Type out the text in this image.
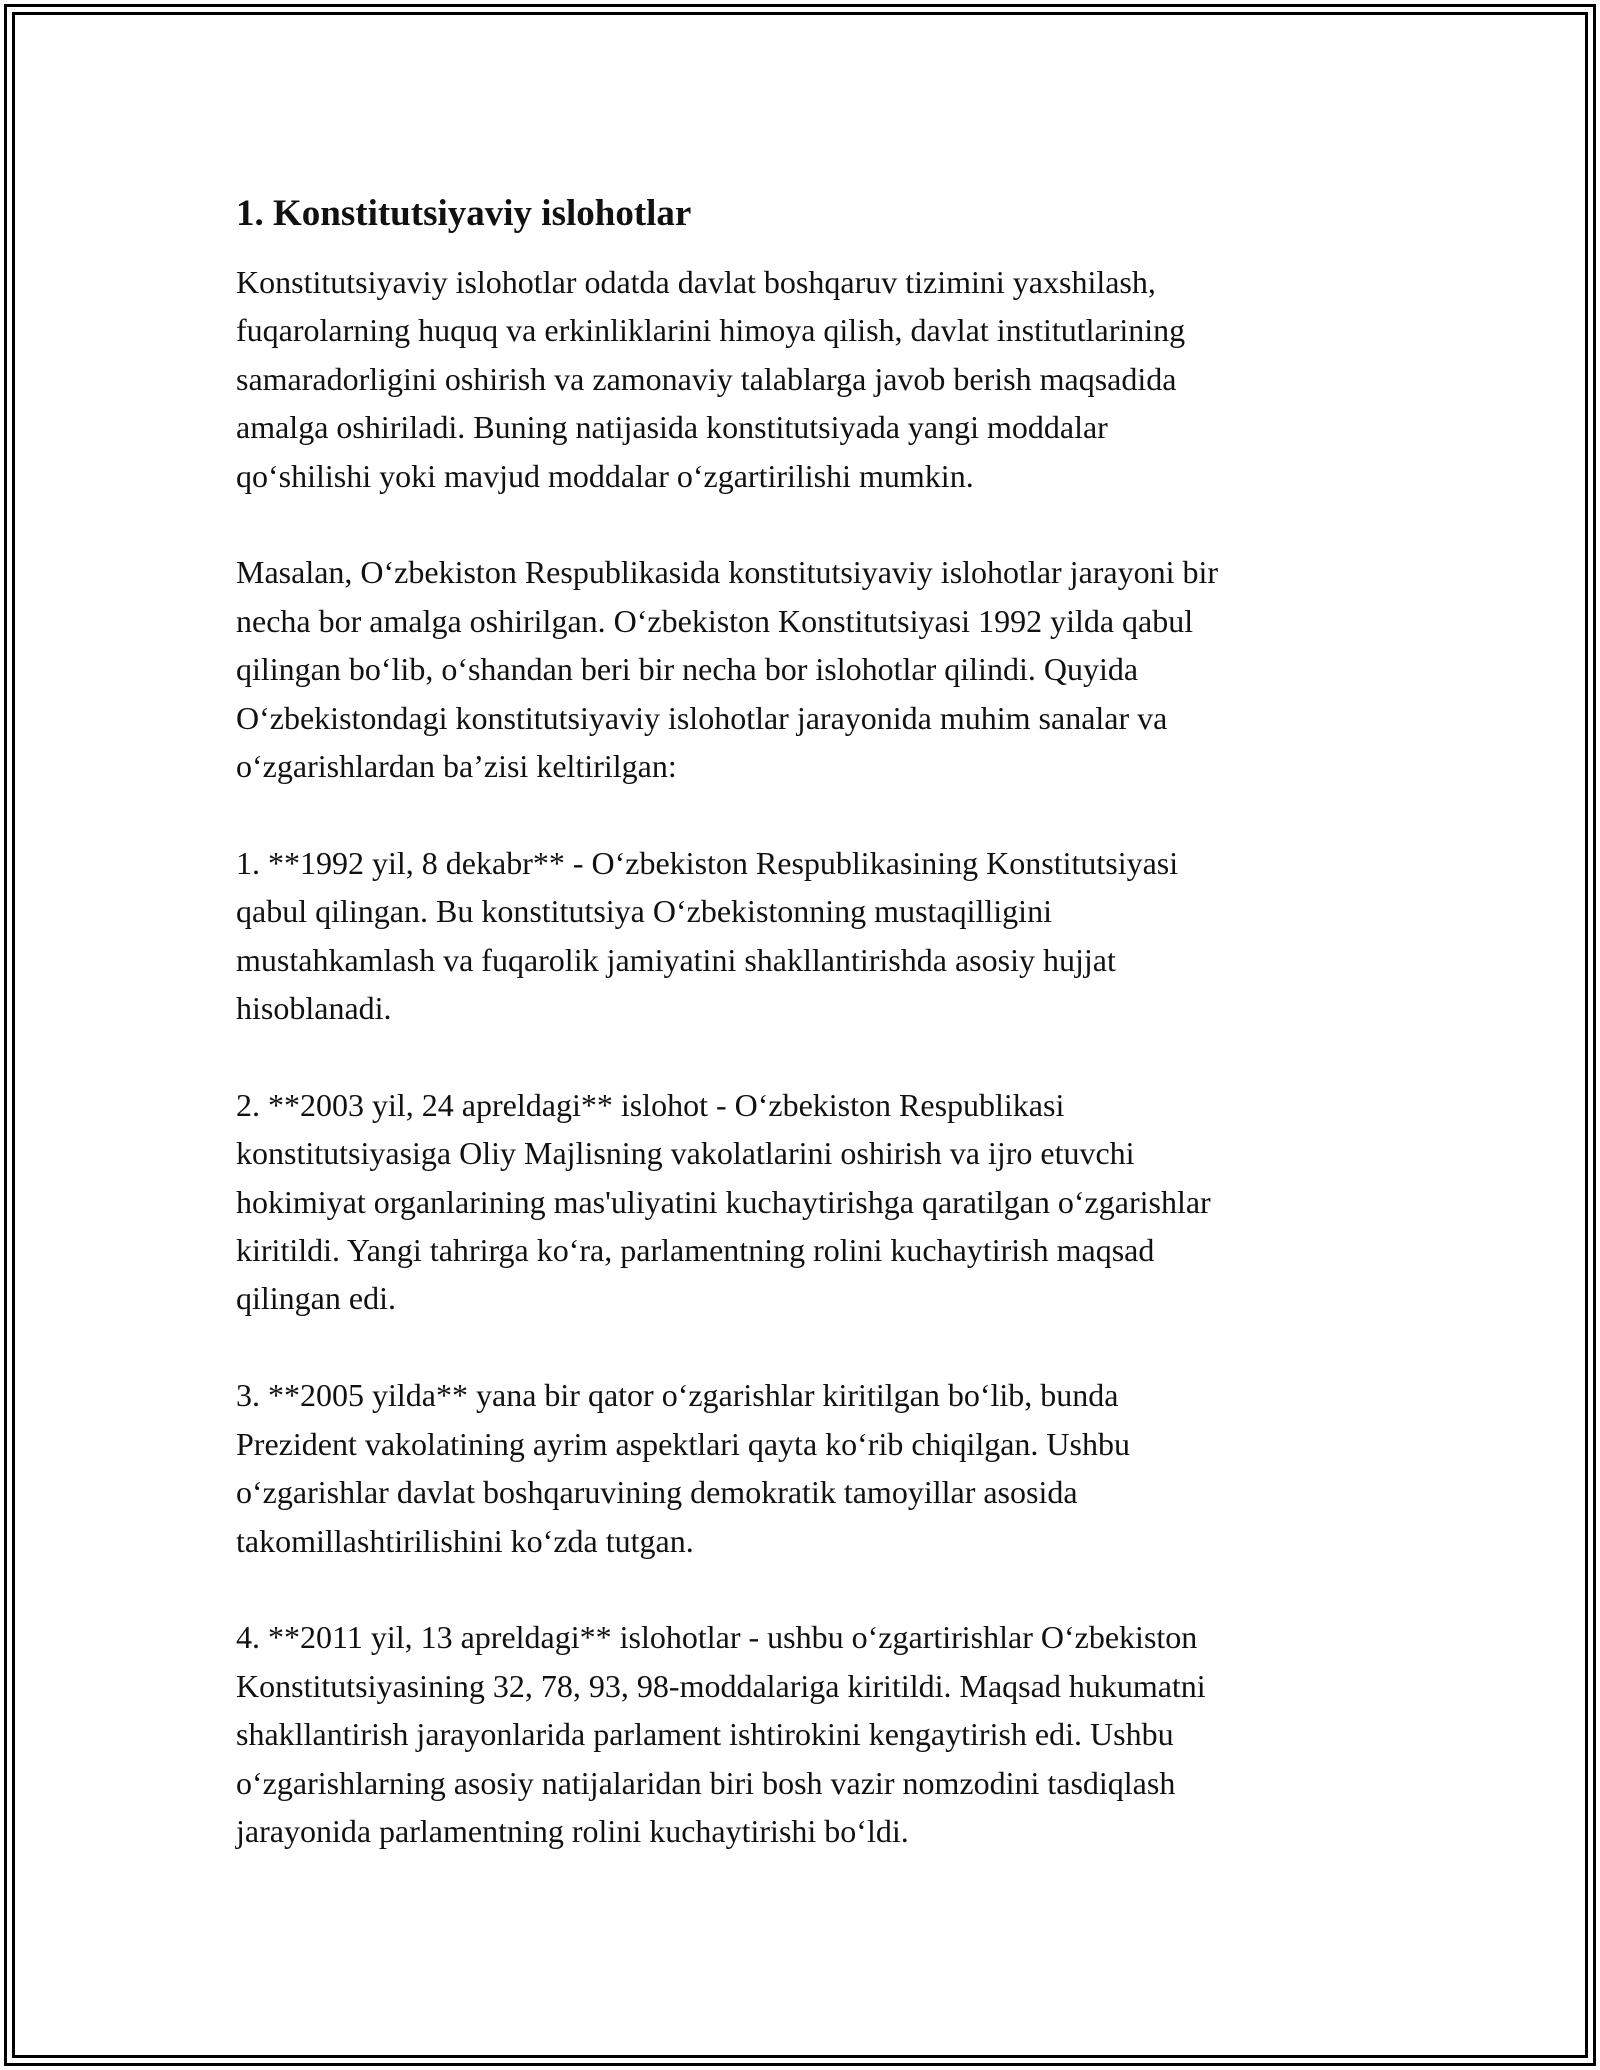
1. Konstitutsiyaviy islohotlar

Konstitutsiyaviy islohotlar odatda davlat boshqaruv tizimini yaxshilash,
fuqarolarning huquq va erkinliklarini himoya qilish, davlat institutlarining
samaradorligini oshirish va zamonaviy talablarga javob berish maqsadida
amalga oshiriladi. Buning natijasida konstitutsiyada yangi moddalar
qo‘shilishi yoki mavjud moddalar o‘zgartirilishi mumkin.

Masalan, O‘zbekiston Respublikasida konstitutsiyaviy islohotlar jarayoni bir
necha bor amalga oshirilgan. O‘zbekiston Konstitutsiyasi 1992 yilda qabul
qilingan bo‘lib, o‘shandan beri bir necha bor islohotlar qilindi. Quyida
O‘zbekistondagi konstitutsiyaviy islohotlar jarayonida muhim sanalar va
o‘zgarishlardan ba’zisi keltirilgan:

1. **1992 yil, 8 dekabr** - O‘zbekiston Respublikasining Konstitutsiyasi
qabul qilingan. Bu konstitutsiya O‘zbekistonning mustaqilligini
mustahkamlash va fuqarolik jamiyatini shakllantirishda asosiy hujjat
hisoblanadi.

2. **2003 yil, 24 apreldagi** islohot - O‘zbekiston Respublikasi
konstitutsiyasiga Oliy Majlisning vakolatlarini oshirish va ijro etuvchi
hokimiyat organlarining mas'uliyatini kuchaytirishga qaratilgan o‘zgarishlar
kiritildi. Yangi tahrirga ko‘ra, parlamentning rolini kuchaytirish maqsad
qilingan edi.

3. **2005 yilda** yana bir qator o‘zgarishlar kiritilgan bo‘lib, bunda
Prezident vakolatining ayrim aspektlari qayta ko‘rib chiqilgan. Ushbu
o‘zgarishlar davlat boshqaruvining demokratik tamoyillar asosida
takomillashtirilishini ko‘zda tutgan.

4. **2011 yil, 13 apreldagi** islohotlar - ushbu o‘zgartirishlar O‘zbekiston
Konstitutsiyasining 32, 78, 93, 98-moddalariga kiritildi. Maqsad hukumatni
shakllantirish jarayonlarida parlament ishtirokini kengaytirish edi. Ushbu
o‘zgarishlarning asosiy natijalaridan biri bosh vazir nomzodini tasdiqlash
jarayonida parlamentning rolini kuchaytirishi bo‘ldi.
